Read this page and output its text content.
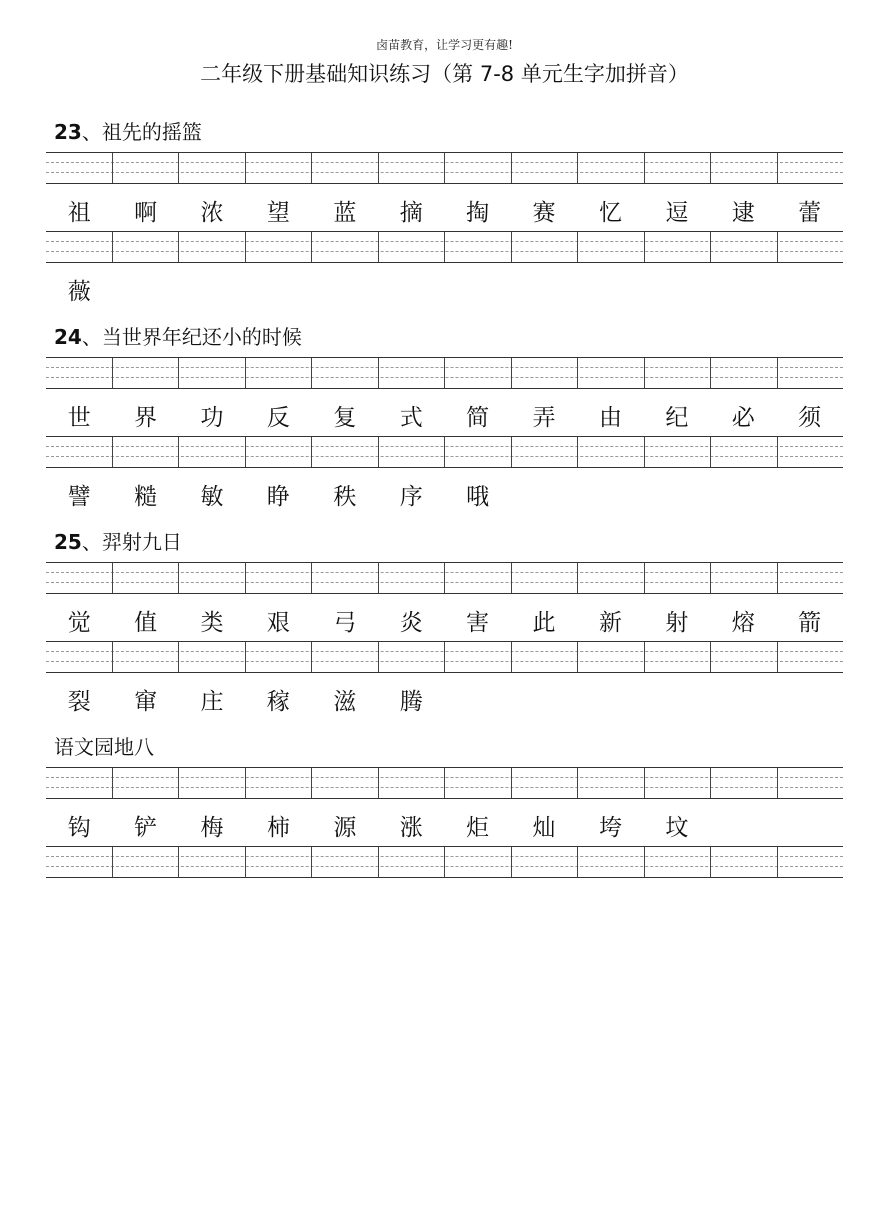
卤苗教育，让学习更有趣!
二年级下册基础知识练习（第 7-8 单元生字加拼音）
23、祖先的摇篮
祖	啊	浓	望	蓝	摘	掏	赛	忆	逗	逮	蕾
薇
24、当世界年纪还小的时候
世	界	功	反	复	式	简	弄	由	纪	必	须
譬	糙	敏	睁	秩	序	哦
25、羿射九日
觉	值	类	艰	弓	炎	害	此	新	射	熔	箭
裂	窜	庄	稼	滋	腾
语文园地八
钩	铲	梅	柿	源	涨	炬	灿	垮	坟
